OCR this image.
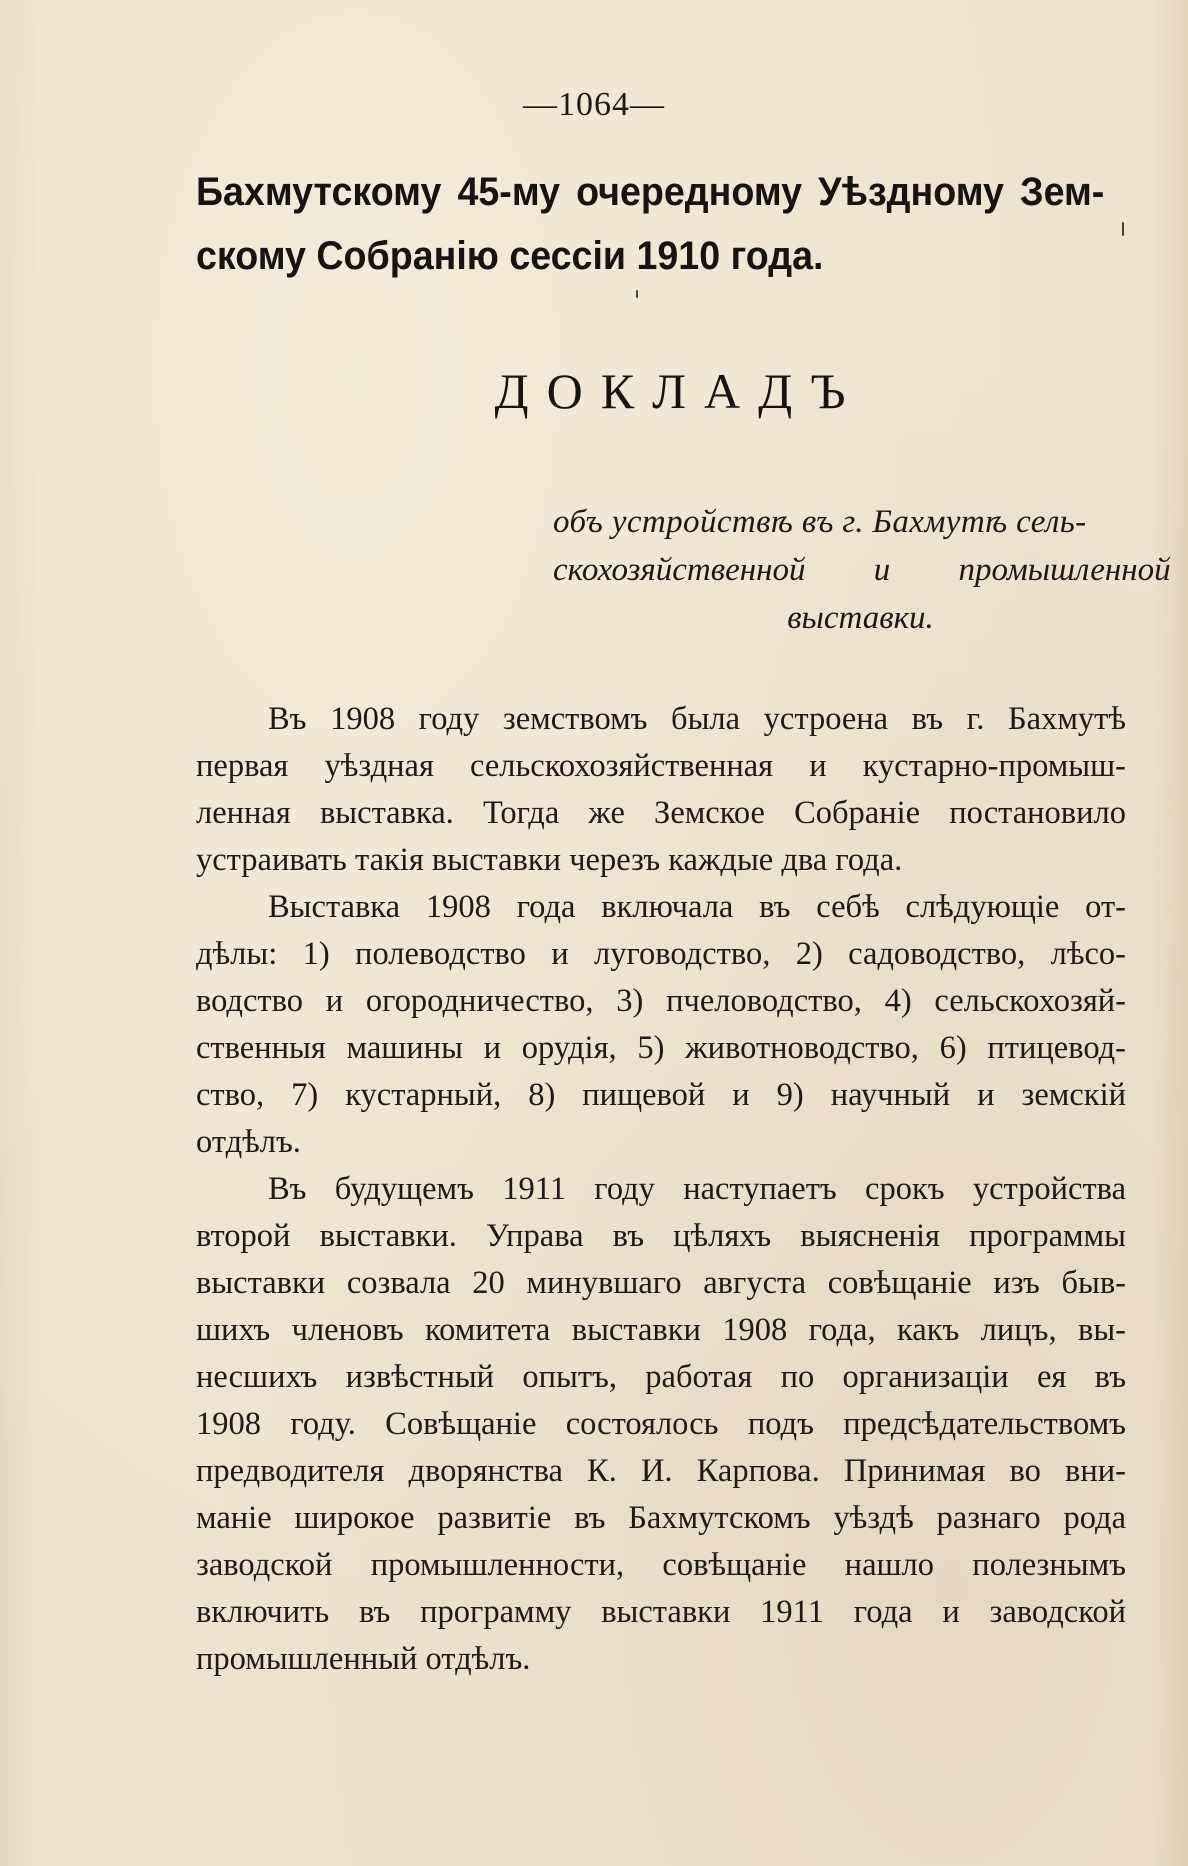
—1064—
Бахмутскому 45-му очередному Уѣздному Зем-
скому Собранію сессіи 1910 года.
ДОКЛАДЪ
объ устройствѣ въ г. Бахмутѣ сель-
скохозяйственной и промышленной
выставки.

Въ 1908 году земствомъ была устроена въ г. Бахмутѣ
первая уѣздная сельскохозяйственная и кустарно-промыш-
ленная выставка. Тогда же Земское Собраніе постановило
устраивать такія выставки черезъ каждые два года.

Выставка 1908 года включала въ себѣ слѣдующіе от-
дѣлы: 1) полеводство и луговодство, 2) садоводство, лѣсо-
водство и огородничество, 3) пчеловодство, 4) сельскохозяй-
ственныя машины и орудія, 5) животноводство, 6) птицевод-
ство, 7) кустарный, 8) пищевой и 9) научный и земскій
отдѣлъ.

Въ будущемъ 1911 году наступаетъ срокъ устройства
второй выставки. Управа въ цѣляхъ выясненія программы
выставки созвала 20 минувшаго августа совѣщаніе изъ быв-
шихъ членовъ комитета выставки 1908 года, какъ лицъ, вы-
несшихъ извѣстный опытъ, работая по организаціи ея въ
1908 году. Совѣщаніе состоялось подъ предсѣдательствомъ
предводителя дворянства К. И. Карпова. Принимая во вни-
маніе широкое развитіе въ Бахмутскомъ уѣздѣ разнаго рода
заводской промышленности, совѣщаніе нашло полезнымъ
включить въ программу выставки 1911 года и заводской
промышленный отдѣлъ.
